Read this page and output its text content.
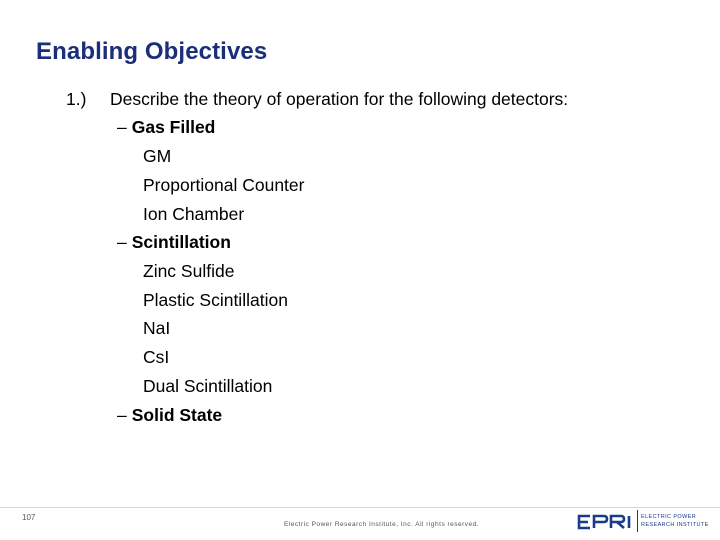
Enabling Objectives
1.) Describe the theory of operation for the following detectors:
– Gas Filled
GM
Proportional Counter
Ion Chamber
– Scintillation
Zinc Sulfide
Plastic Scintillation
NaI
CsI
Dual Scintillation
– Solid State
107
Electric Power Research Institute, Inc. All rights reserved.
ELECTRIC POWER
RESEARCH INSTITUTE
